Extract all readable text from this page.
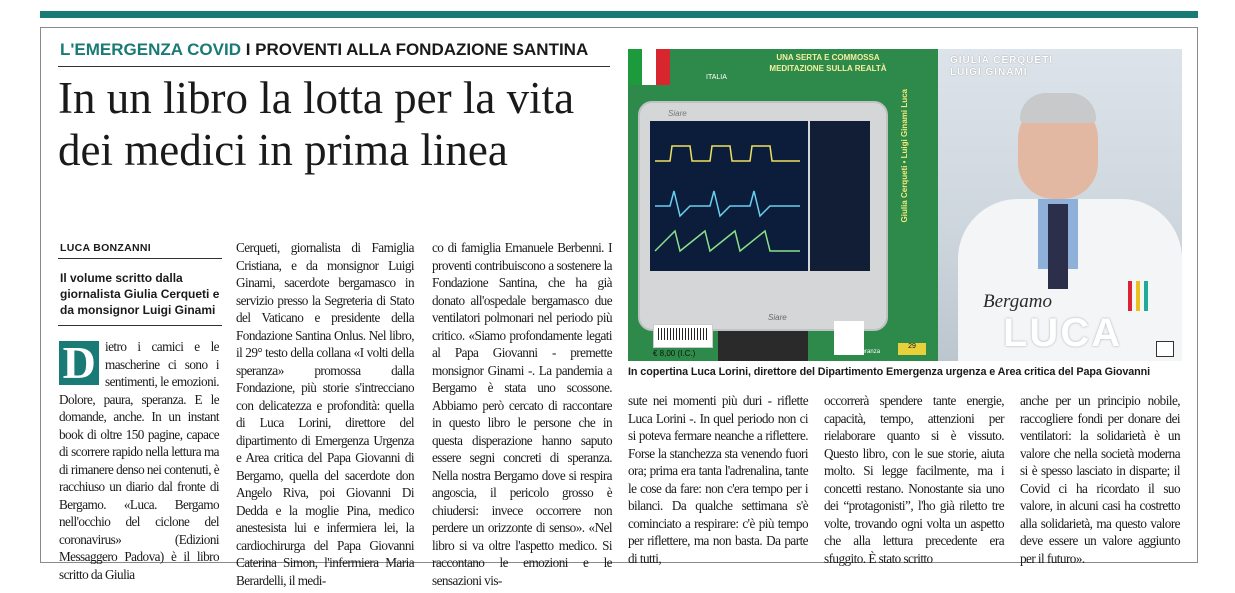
L'EMERGENZA COVID I PROVENTI ALLA FONDAZIONE SANTINA
In un libro la lotta per la vita dei medici in prima linea
LUCA BONZANNI
Il volume scritto dalla giornalista Giulia Cerqueti e da monsignor Luigi Ginami
D ietro i camici e le mascherine ci sono i sentimenti, le emozioni. Dolore, paura, speranza. E le domande, anche. In un instant book di oltre 150 pagine, capace di scorrere rapido nella lettura ma di rimanere denso nei contenuti, è racchiuso un diario dal fronte di Bergamo. «Luca. Bergamo nell'occhio del ciclone del coronavirus» (Edizioni Messaggero Padova) è il libro scritto da Giulia
Cerqueti, giornalista di Famiglia Cristiana, e da monsignor Luigi Ginami, sacerdote bergamasco in servizio presso la Segreteria di Stato del Vaticano e presidente della Fondazione Santina Onlus. Nel libro, il 29° testo della collana «I volti della speranza» promossa dalla Fondazione, più storie s'intrecciano con delicatezza e profondità: quella di Luca Lorini, direttore del dipartimento di Emergenza Urgenza e Area critica del Papa Giovanni di Bergamo, quella del sacerdote don Angelo Riva, poi Giovanni Di Dedda e la moglie Pina, medico anestesista lui e infermiera lei, la cardiochirurga del Papa Giovanni Caterina Simon, l'infermiera Maria Berardelli, il medi-
co di famiglia Emanuele Berbenni. I proventi contribuiscono a sostenere la Fondazione Santina, che ha già donato all'ospedale bergamasco due ventilatori polmonari nel periodo più critico. «Siamo profondamente legati al Papa Giovanni - premette monsignor Ginami -. La pandemia a Bergamo è stata uno scossone. Abbiamo però cercato di raccontare in questo libro le persone che in questa disperazione hanno saputo essere segni concreti di speranza. Nella nostra Bergamo dove si respira angoscia, il pericolo grosso è chiudersi: invece occorrere non perdere un orizzonte di senso». «Nel libro si va oltre l'aspetto medico. Si raccontano le emozioni e le sensazioni vis-
ITALIA
UNA SERTA E COMMOSSA
MEDITAZIONE SULLA REALTÀ
Siare
Siare
€ 8,00 (I.C.)	#VoltiDiSperanza
29
Giulia Cerqueti • Luigi Ginami Luca
GIULIA CERQUETI
LUIGI GINAMI
Bergamo
LUCA
In copertina Luca Lorini, direttore del Dipartimento Emergenza urgenza e Area critica del Papa Giovanni
sute nei momenti più duri - riflette Luca Lorini -. In quel periodo non ci si poteva fermare neanche a riflettere. Forse la stanchezza sta venendo fuori ora; prima era tanta l'adrenalina, tante le cose da fare: non c'era tempo per i bilanci. Da qualche settimana s'è cominciato a respirare: c'è più tempo per riflettere, ma non basta. Da parte di tutti,
occorrerà spendere tante energie, capacità, tempo, attenzioni per rielaborare quanto si è vissuto. Questo libro, con le sue storie, aiuta molto. Si legge facilmente, ma i concetti restano. Nonostante sia uno dei “protagonisti”, l'ho già riletto tre volte, trovando ogni volta un aspetto che alla lettura precedente era sfuggito. È stato scritto
anche per un principio nobile, raccogliere fondi per donare dei ventilatori: la solidarietà è un valore che nella società moderna si è spesso lasciato in disparte; il Covid ci ha ricordato il suo valore, in alcuni casi ha costretto alla solidarietà, ma questo valore deve essere un valore aggiunto per il futuro».
